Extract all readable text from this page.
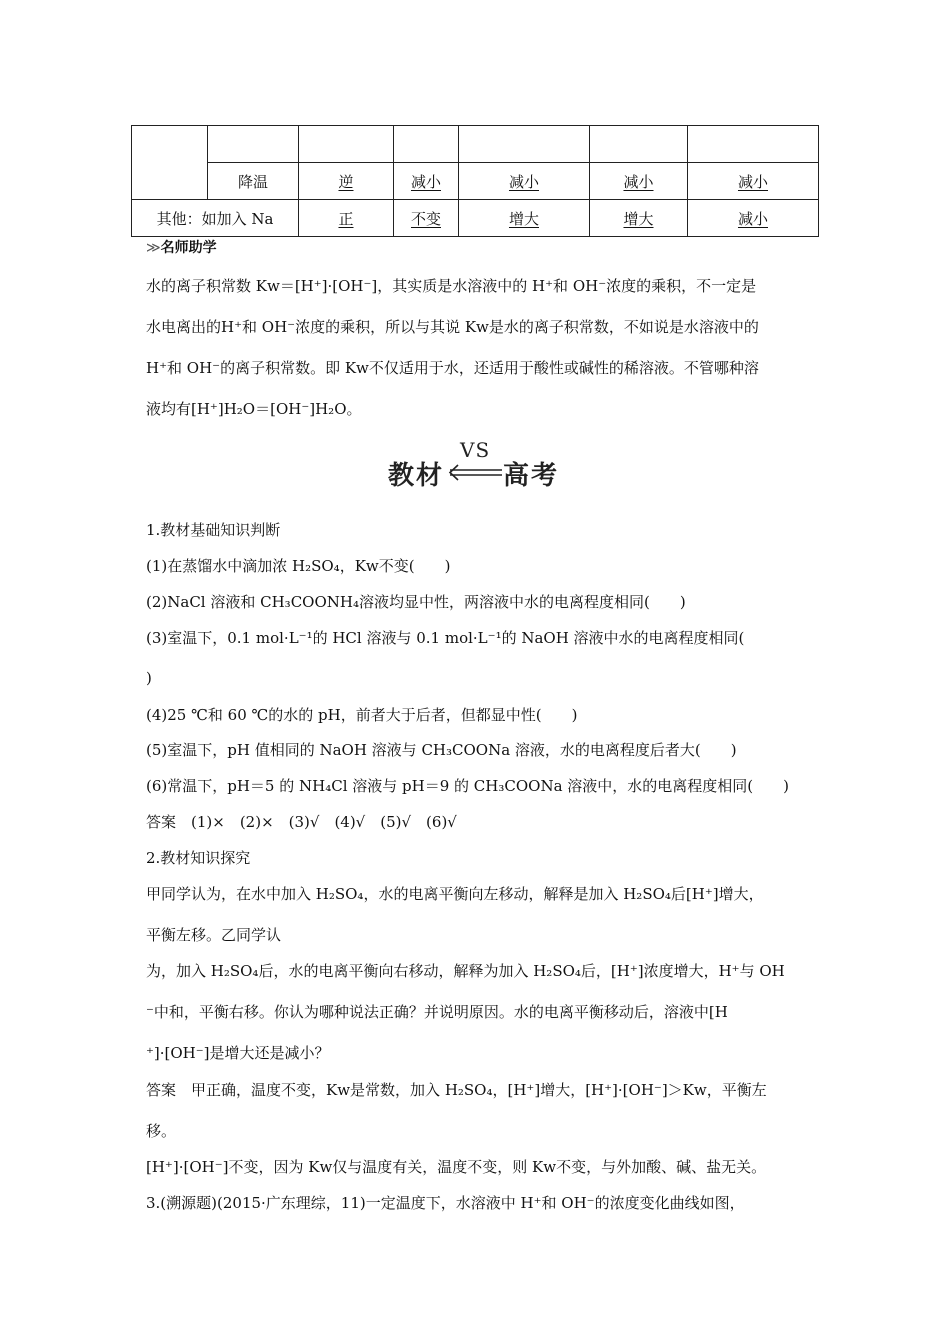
	降温	逆	减小	减小	减小	减小
其他：如加入 Na		正	不变	增大	增大	减小
≫名师助学
水的离子积常数 Kw＝[H⁺]·[OH⁻]，其实质是水溶液中的 H⁺和 OH⁻浓度的乘积，不一定是
水电离出的H⁺和 OH⁻浓度的乘积，所以与其说 Kw是水的离子积常数，不如说是水溶液中的
H⁺和 OH⁻的离子积常数。即 Kw不仅适用于水，还适用于酸性或碱性的稀溶液。不管哪种溶
液均有[H⁺]H₂O＝[OH⁻]H₂O。
教材
VS
高考
1.教材基础知识判断
(1)在蒸馏水中滴加浓 H₂SO₄，Kw不变(　　)
(2)NaCl 溶液和 CH₃COONH₄溶液均显中性，两溶液中水的电离程度相同(　　)
(3)室温下，0.1 mol·L⁻¹的 HCl 溶液与 0.1 mol·L⁻¹的 NaOH 溶液中水的电离程度相同(
)
(4)25 ℃和 60 ℃的水的 pH，前者大于后者，但都显中性(　　)
(5)室温下，pH 值相同的 NaOH 溶液与 CH₃COONa 溶液，水的电离程度后者大(　　)
(6)常温下，pH＝5 的 NH₄Cl 溶液与 pH＝9 的 CH₃COONa 溶液中，水的电离程度相同(　　)
答案　(1)×　(2)×　(3)√　(4)√　(5)√　(6)√
2.教材知识探究
甲同学认为，在水中加入 H₂SO₄，水的电离平衡向左移动，解释是加入 H₂SO₄后[H⁺]增大，
平衡左移。乙同学认
为，加入 H₂SO₄后，水的电离平衡向右移动，解释为加入 H₂SO₄后，[H⁺]浓度增大，H⁺与 OH
⁻中和，平衡右移。你认为哪种说法正确？并说明原因。水的电离平衡移动后，溶液中[H
⁺]·[OH⁻]是增大还是减小？
答案　甲正确，温度不变，Kw是常数，加入 H₂SO₄，[H⁺]增大，[H⁺]·[OH⁻]＞Kw，平衡左
移。
[H⁺]·[OH⁻]不变，因为 Kw仅与温度有关，温度不变，则 Kw不变，与外加酸、碱、盐无关。
3.(溯源题)(2015·广东理综，11)一定温度下，水溶液中 H⁺和 OH⁻的浓度变化曲线如图，
